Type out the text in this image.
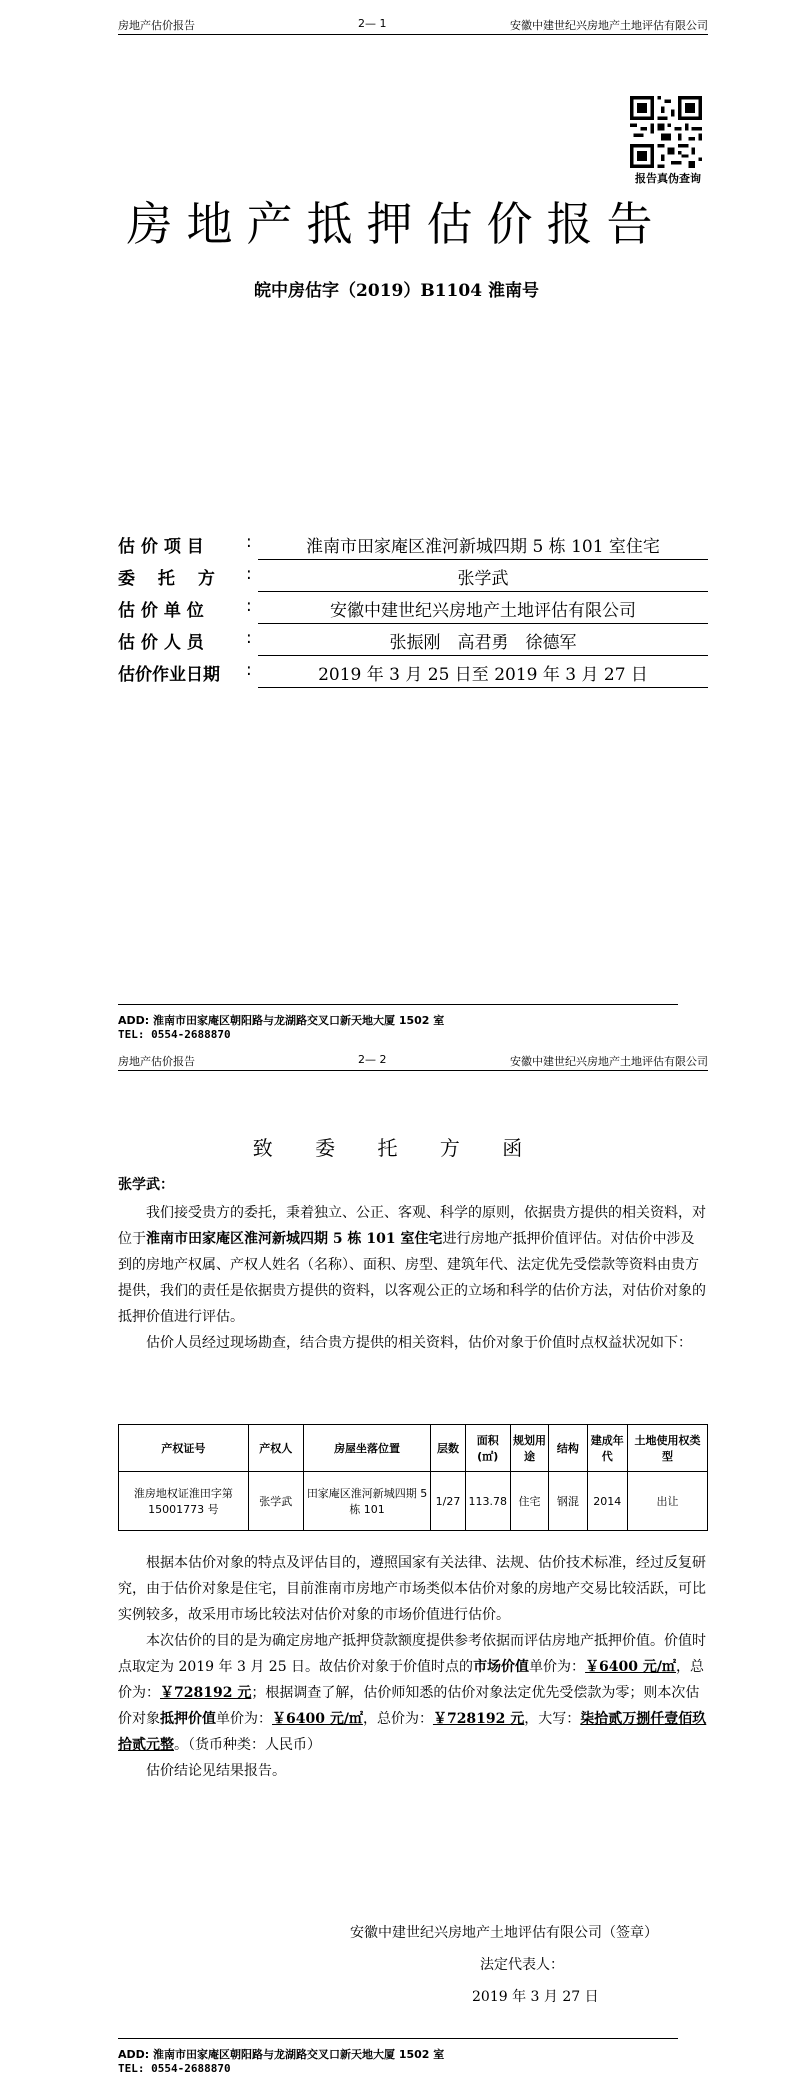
房地产估价报告	2— 1	安徽中建世纪兴房地产土地评估有限公司
报告真伪查询
房地产抵押估价报告
皖中房估字（2019）B1104 淮南号
估 价 项 目 :	淮南市田家庵区淮河新城四期 5 栋 101 室住宅
委　 托　 方 :	张学武
估 价 单 位 :	安徽中建世纪兴房地产土地评估有限公司
估 价 人 员 :	张振刚　高君勇　徐德军
估价作业日期 :	2019 年 3 月 25 日至 2019 年 3 月 27 日
ADD: 淮南市田家庵区朝阳路与龙湖路交叉口新天地大厦 1502 室
TEL: 0554-2688870
房地产估价报告	2— 2	安徽中建世纪兴房地产土地评估有限公司
致 委 托 方 函
张学武：

我们接受贵方的委托，秉着独立、公正、客观、科学的原则，依据贵方提供的相关资料，对位于淮南市田家庵区淮河新城四期 5 栋 101 室住宅进行房地产抵押价值评估。对估价中涉及到的房地产权属、产权人姓名（名称）、面积、房型、建筑年代、法定优先受偿款等资料由贵方提供，我们的责任是依据贵方提供的资料，以客观公正的立场和科学的估价方法，对估价对象的抵押价值进行评估。

估价人员经过现场勘查，结合贵方提供的相关资料，估价对象于价值时点权益状况如下：

产权证号	产权人	房屋坐落位置	层数	面积(㎡)	规划用途	结构	建成年代	土地使用权类型
淮房地权证淮田字第 15001773 号	张学武	田家庵区淮河新城四期 5 栋 101	1/27	113.78	住宅	钢混	2014	出让

根据本估价对象的特点及评估目的，遵照国家有关法律、法规、估价技术标准，经过反复研究，由于估价对象是住宅，目前淮南市房地产市场类似本估价对象的房地产交易比较活跃，可比实例较多，故采用市场比较法对估价对象的市场价值进行估价。

本次估价的目的是为确定房地产抵押贷款额度提供参考依据而评估房地产抵押价值。价值时点取定为 2019 年 3 月 25 日。故估价对象于价值时点的市场价值单价为：￥6400 元/㎡，总价为：￥728192 元；根据调查了解，估价师知悉的估价对象法定优先受偿款为零；则本次估价对象抵押价值单价为：￥6400 元/㎡，总价为：￥728192 元，大写：柒拾贰万捌仟壹佰玖拾贰元整。（货币种类：人民币）

估价结论见结果报告。

安徽中建世纪兴房地产土地评估有限公司（签章）
法定代表人：
2019 年 3 月 27 日
ADD: 淮南市田家庵区朝阳路与龙湖路交叉口新天地大厦 1502 室
TEL: 0554-2688870
